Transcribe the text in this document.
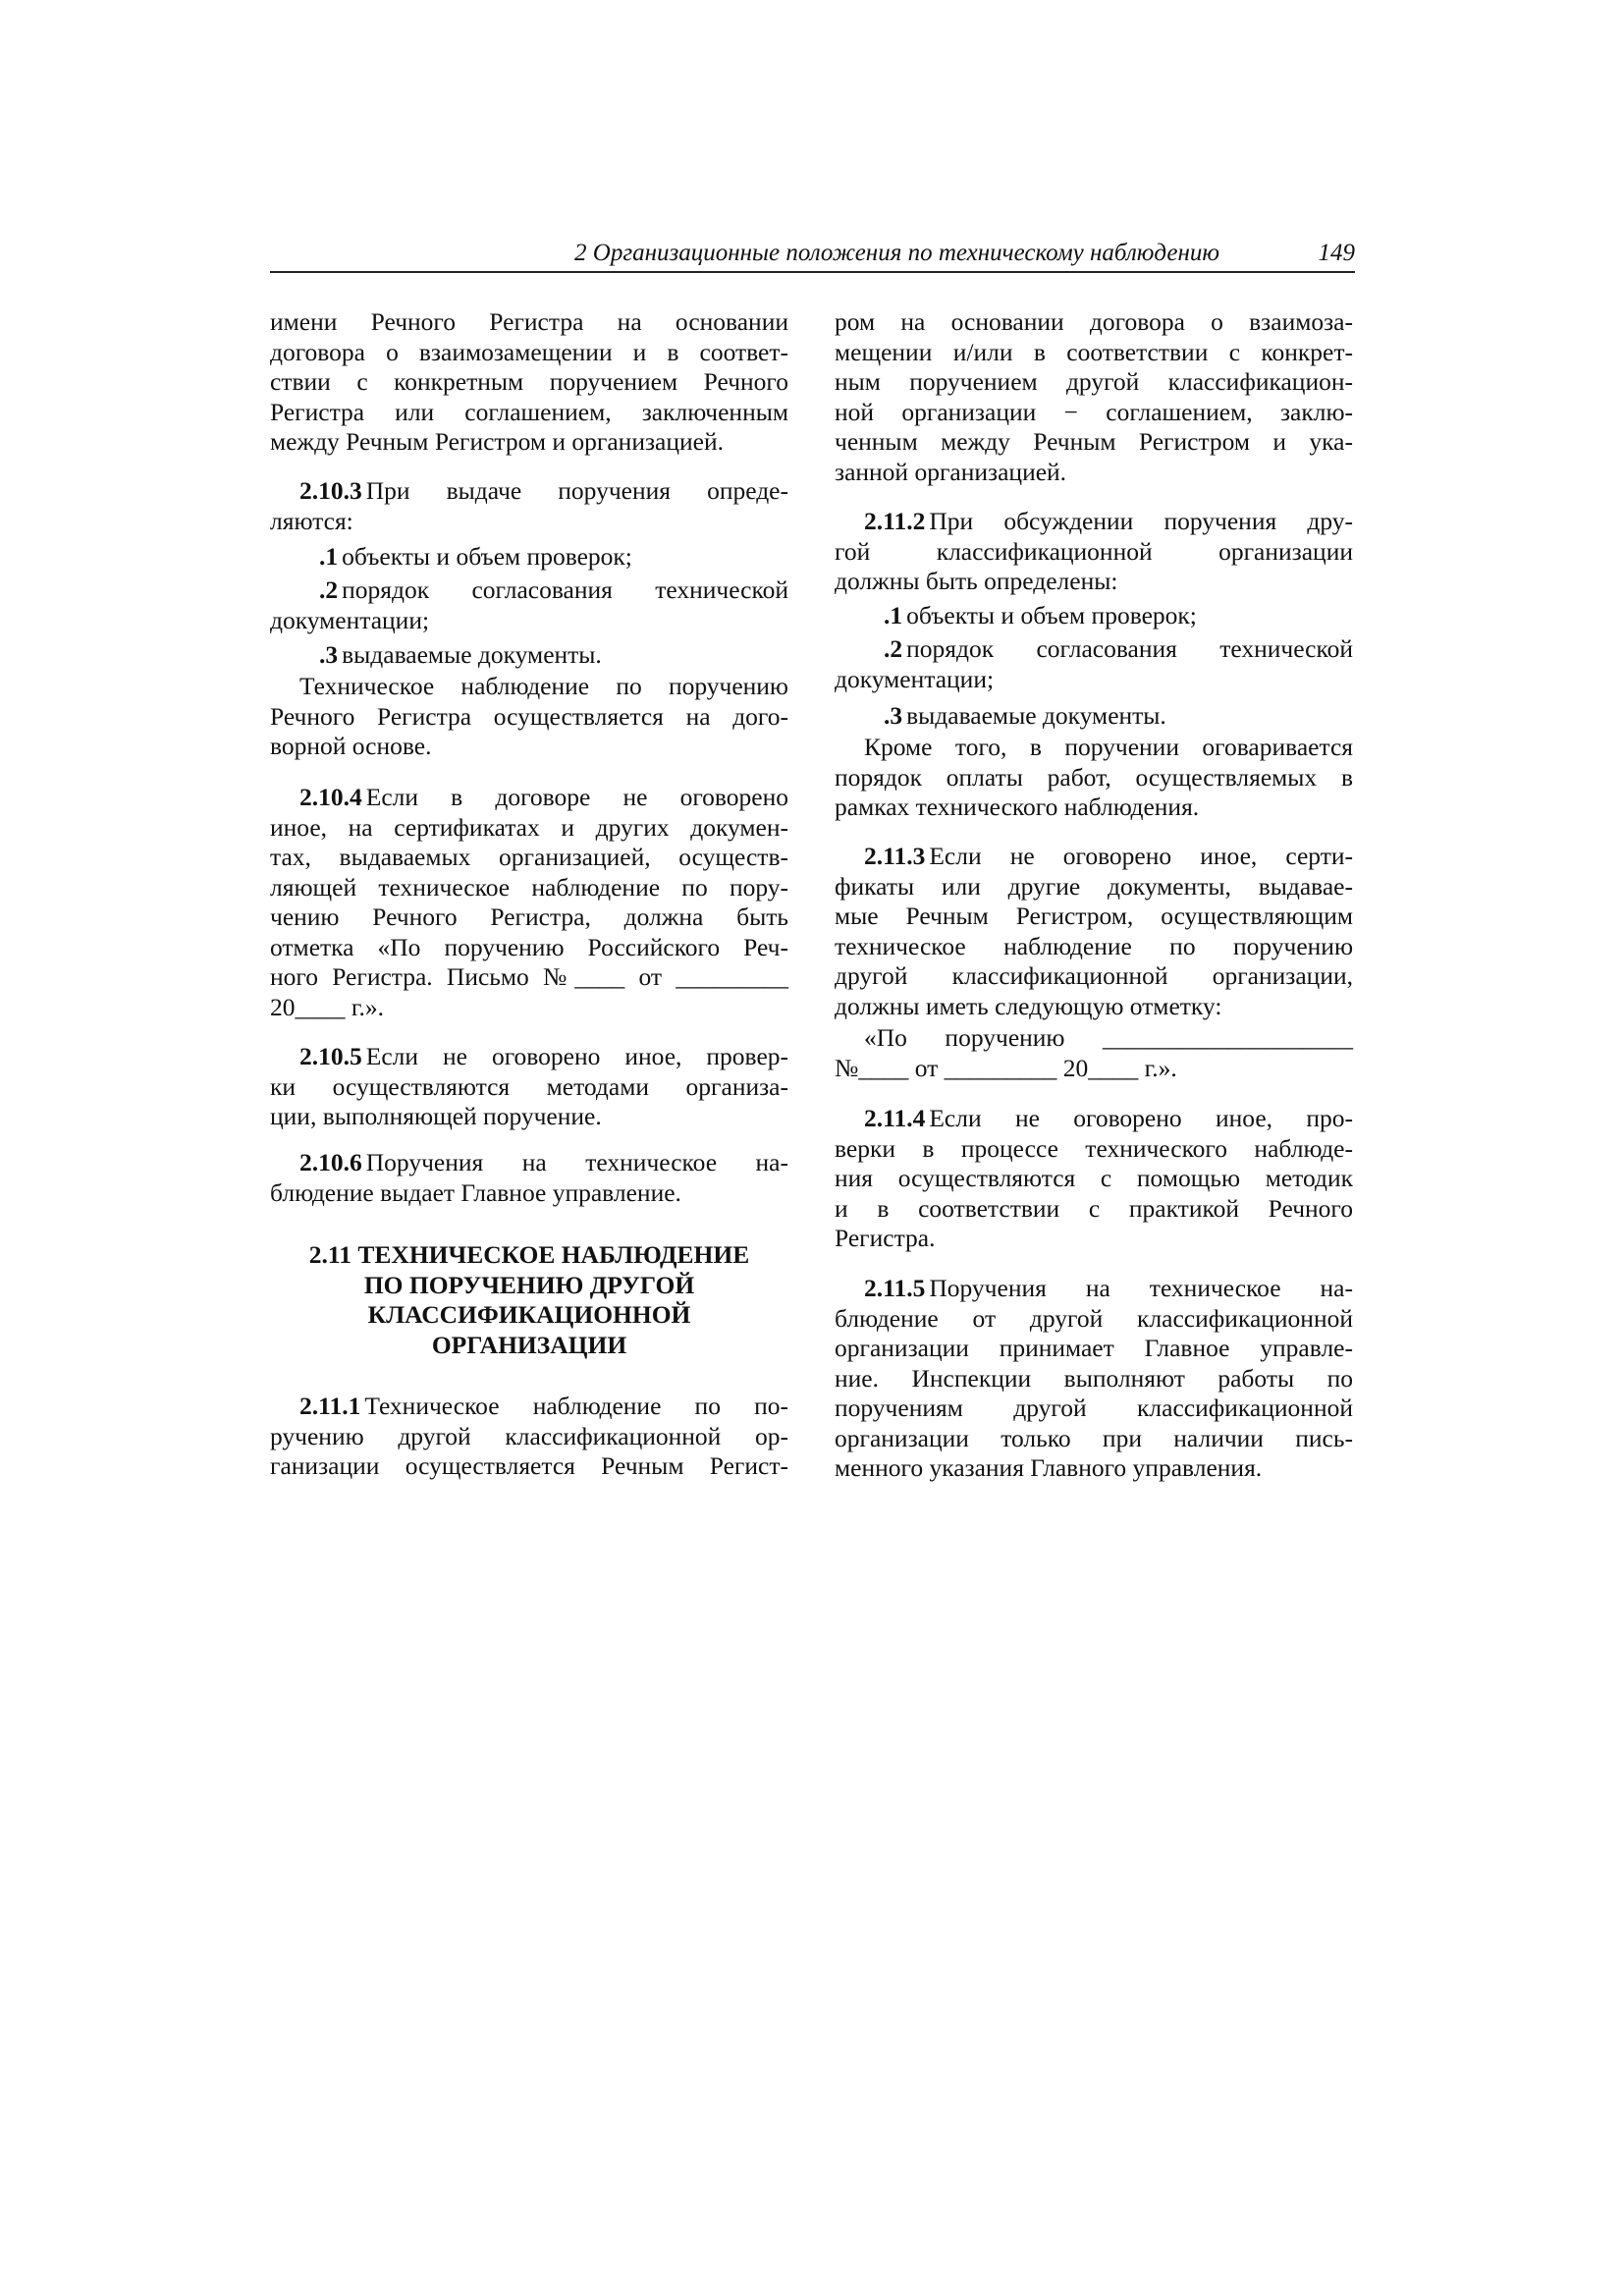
2 Организационные положения по техническому наблюдению	149
имени Речного Регистра на основании
договора о взаимозамещении и в соответ-
ствии с конкретным поручением Речного
Регистра или соглашением, заключенным
между Речным Регистром и организацией.
2.10.3 При выдаче поручения опреде-
ляются:
.1 объекты и объем проверок;
.2 порядок согласования технической
документации;
.3 выдаваемые документы.
Техническое наблюдение по поручению
Речного Регистра осуществляется на дого-
ворной основе.
2.10.4 Если в договоре не оговорено
иное, на сертификатах и других докумен-
тах, выдаваемых организацией, осуществ-
ляющей техническое наблюдение по пору-
чению Речного Регистра, должна быть
отметка «По поручению Российского Реч-
ного Регистра. Письмо №____ от _________
20____ г.».
2.10.5 Если не оговорено иное, провер-
ки осуществляются методами организа-
ции, выполняющей поручение.
2.10.6 Поручения на техническое на-
блюдение выдает Главное управление.
2.11 ТЕХНИЧЕСКОЕ НАБЛЮДЕНИЕ
ПО ПОРУЧЕНИЮ ДРУГОЙ
КЛАССИФИКАЦИОННОЙ
ОРГАНИЗАЦИИ
2.11.1 Техническое наблюдение по по-
ручению другой классификационной ор-
ганизации осуществляется Речным Регист-
ром на основании договора о взаимоза-
мещении и/или в соответствии с конкрет-
ным поручением другой классификацион-
ной организации − соглашением, заклю-
ченным между Речным Регистром и ука-
занной организацией.
2.11.2 При обсуждении поручения дру-
гой классификационной организации
должны быть определены:
.1 объекты и объем проверок;
.2 порядок согласования технической
документации;
.3 выдаваемые документы.
Кроме того, в поручении оговаривается
порядок оплаты работ, осуществляемых в
рамках технического наблюдения.
2.11.3 Если не оговорено иное, серти-
фикаты или другие документы, выдавае-
мые Речным Регистром, осуществляющим
техническое наблюдение по поручению
другой классификационной организации,
должны иметь следующую отметку:
«По поручению ____________________
№____ от _________ 20____ г.».
2.11.4 Если не оговорено иное, про-
верки в процессе технического наблюде-
ния осуществляются с помощью методик
и в соответствии с практикой Речного
Регистра.
2.11.5 Поручения на техническое на-
блюдение от другой классификационной
организации принимает Главное управле-
ние. Инспекции выполняют работы по
поручениям другой классификационной
организации только при наличии пись-
менного указания Главного управления.
